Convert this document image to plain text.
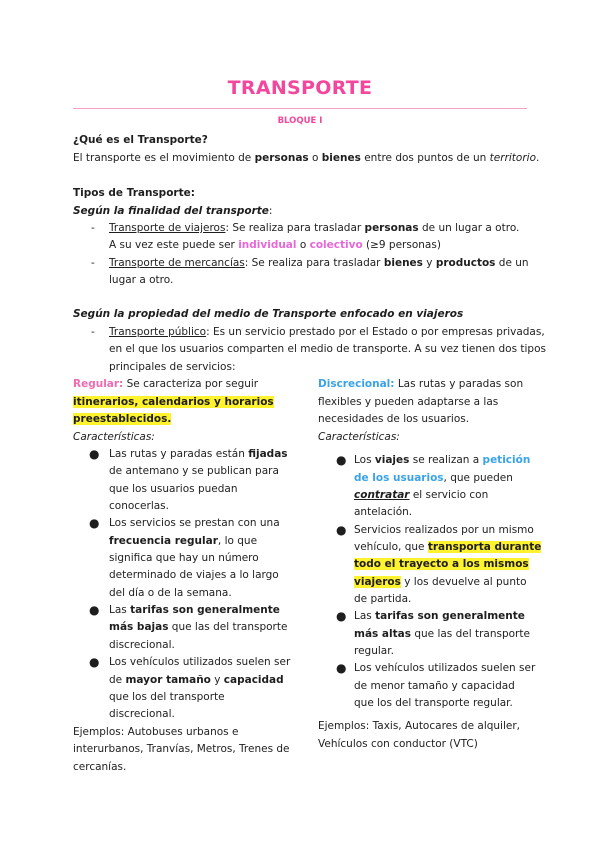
TRANSPORTE
BLOQUE I
¿Qué es el Transporte?
El transporte es el movimiento de personas o bienes entre dos puntos de un territorio.
Tipos de Transporte:
Según la finalidad del transporte:
- Transporte de viajeros: Se realiza para trasladar personas de un lugar a otro.
A su vez este puede ser individual o colectivo (≥9 personas)
- Transporte de mercancías: Se realiza para trasladar bienes y productos de un
lugar a otro.
Según la propiedad del medio de Transporte enfocado en viajeros
- Transporte público: Es un servicio prestado por el Estado o por empresas privadas,
en el que los usuarios comparten el medio de transporte. A su vez tienen dos tipos
principales de servicios:
Regular: Se caracteriza por seguir
itinerarios, calendarios y horarios
preestablecidos.
Características:
● Las rutas y paradas están fijadas
de antemano y se publican para
que los usuarios puedan
conocerlas.
● Los servicios se prestan con una
frecuencia regular, lo que
significa que hay un número
determinado de viajes a lo largo
del día o de la semana.
● Las tarifas son generalmente
más bajas que las del transporte
discrecional.
● Los vehículos utilizados suelen ser
de mayor tamaño y capacidad
que los del transporte
discrecional.
Ejemplos: Autobuses urbanos e
interurbanos, Tranvías, Metros, Trenes de
cercanías.
Discrecional: Las rutas y paradas son
flexibles y pueden adaptarse a las
necesidades de los usuarios.
Características:
● Los viajes se realizan a petición
de los usuarios, que pueden
contratar el servicio con
antelación.
● Servicios realizados por un mismo
vehículo, que transporta durante
todo el trayecto a los mismos
viajeros y los devuelve al punto
de partida.
● Las tarifas son generalmente
más altas que las del transporte
regular.
● Los vehículos utilizados suelen ser
de menor tamaño y capacidad
que los del transporte regular.
Ejemplos: Taxis, Autocares de alquiler,
Vehículos con conductor (VTC)
